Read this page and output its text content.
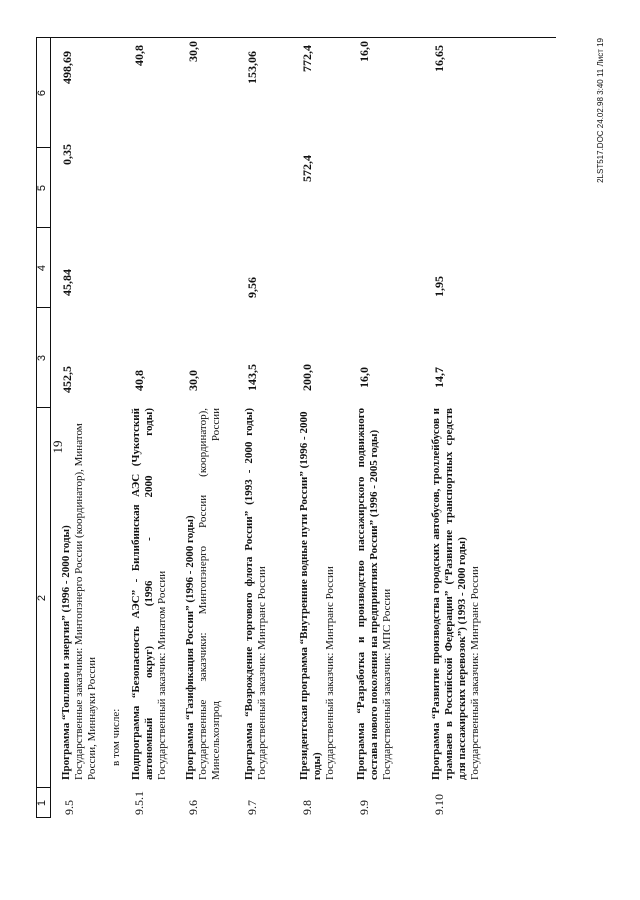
19
1
2
3
4
5
6
9.5
Программа “Топливо и энергия” (1996 - 2000 годы) Государственные заказчики: Минтопэнерго России (координатор), Минатом России, Миннауки России
452,5
45,84
0,35
498,69
в том числе:
9.5.1
Подпрограмма “Безопасность АЭС” - Билибинская АЭС (Чукотский автономный округ) (1996 - 2000 годы) Государственный заказчик: Минатом России
40,8
40,8
9.6
Программа “Газификация России” (1996 - 2000 годы) Государственные заказчики: Минтопэнерго России (координатор), Минсельхозпрод России
30,0
30,0
9.7
Программа “Возрождение торгового флота России” (1993 - 2000 годы) Государственный заказчик: Минтранс России
143,5
9,56
153,06
9.8
Президентская программа “Внутренние водные пути России” (1996 - 2000 годы) Государственный заказчик: Минтранс России
200,0
572,4
772,4
9.9
Программа “Разработка и производство пассажирского подвижного состава нового поколения на предприятиях России” (1996 - 2005 годы) Государственный заказчик: МПС России
16,0
16,0
9.10
Программа “Развитие производства городских автобусов, троллейбусов и трамваев в Российской Федерации” (“Развитие транспортных средств для пассажирских перевозок”) (1993 - 2000 годы) Государственный заказчик: Минтранс России
14,7
1,95
16,65	2LST517.DOC 24.02.98 3:40 11 Лист 19
